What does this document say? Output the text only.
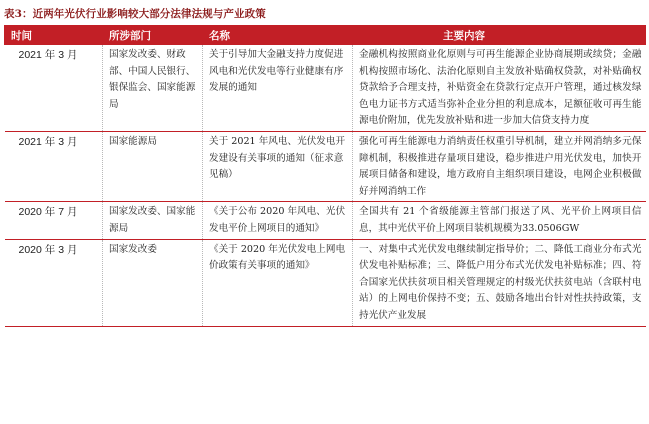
表3：近两年光伏行业影响较大部分法律法规与产业政策
时间	所涉部门	名称	主要内容
2021 年 3 月	国家发改委、财政部、中国人民银行、银保监会、国家能源局	关于引导加大金融支持力度促进风电和光伏发电等行业健康有序发展的通知	金融机构按照商业化原则与可再生能源企业协商展期或续贷；金融机构按照市场化、法治化原则自主发放补贴确权贷款，对补贴确权贷款给予合理支持，补贴资金在贷款行定点开户管理，通过核发绿色电力证书方式适当弥补企业分担的利息成本，足额征收可再生能源电价附加，优先发放补贴和进一步加大信贷支持力度
2021 年 3 月	国家能源局	关于 2021 年风电、光伏发电开发建设有关事项的通知（征求意见稿）	强化可再生能源电力消纳责任权重引导机制，建立并网消纳多元保障机制，积极推进存量项目建设，稳步推进户用光伏发电，加快开展项目储备和建设，地方政府自主组织项目建设，电网企业积极做好并网消纳工作
2020 年 7 月	国家发改委、国家能源局	《关于公布 2020 年风电、光伏发电平价上网项目的通知》	全国共有 21 个省级能源主管部门报送了风、光平价上网项目信息，其中光伏平价上网项目装机规模为33.0506GW
2020 年 3 月	国家发改委	《关于 2020 年光伏发电上网电价政策有关事项的通知》	一、对集中式光伏发电继续制定指导价；二、降低工商业分布式光伏发电补贴标准；三、降低户用分布式光伏发电补贴标准；四、符合国家光伏扶贫项目相关管理规定的村级光伏扶贫电站（含联村电站）的上网电价保持不变；五、鼓励各地出台针对性扶持政策，支持光伏产业发展
